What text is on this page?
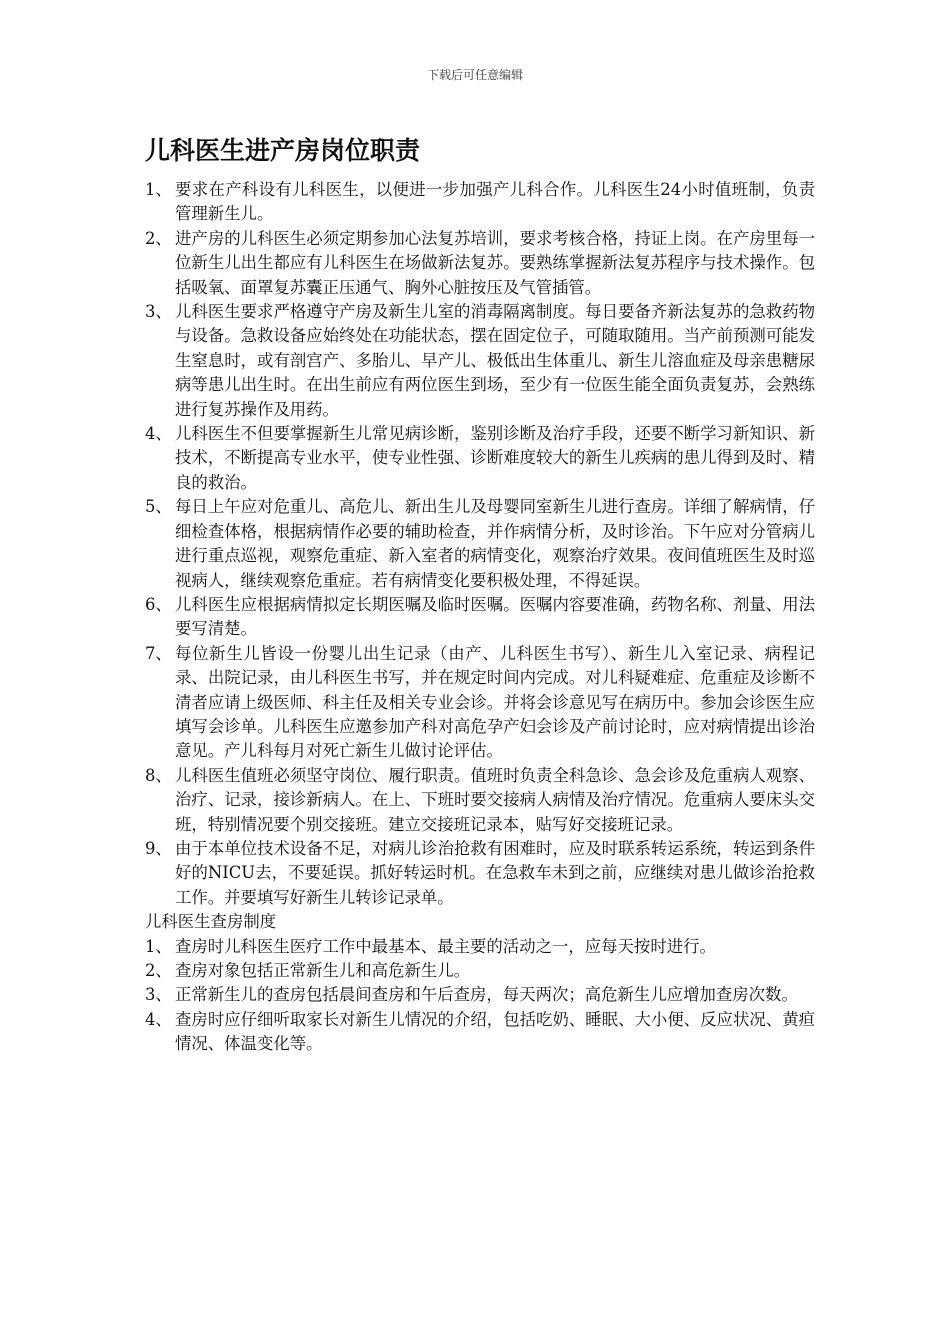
下载后可任意编辑
儿科医生进产房岗位职责
1、 要求在产科设有儿科医生，以便进一步加强产儿科合作。儿科医生24小时值班制，负责管理新生儿。
2、 进产房的儿科医生必须定期参加心法复苏培训，要求考核合格，持证上岗。在产房里每一位新生儿出生都应有儿科医生在场做新法复苏。要熟练掌握新法复苏程序与技术操作。包括吸氧、面罩复苏囊正压通气、胸外心脏按压及气管插管。
3、 儿科医生要求严格遵守产房及新生儿室的消毒隔离制度。每日要备齐新法复苏的急救药物与设备。急救设备应始终处在功能状态，摆在固定位子，可随取随用。当产前预测可能发生窒息时，或有剖宫产、多胎儿、早产儿、极低出生体重儿、新生儿溶血症及母亲患糖尿病等患儿出生时。在出生前应有两位医生到场，至少有一位医生能全面负责复苏，会熟练进行复苏操作及用药。
4、 儿科医生不但要掌握新生儿常见病诊断，鉴别诊断及治疗手段，还要不断学习新知识、新技术，不断提高专业水平，使专业性强、诊断难度较大的新生儿疾病的患儿得到及时、精良的救治。
5、 每日上午应对危重儿、高危儿、新出生儿及母婴同室新生儿进行查房。详细了解病情，仔细检查体格，根据病情作必要的辅助检查，并作病情分析，及时诊治。下午应对分管病儿进行重点巡视，观察危重症、新入室者的病情变化，观察治疗效果。夜间值班医生及时巡视病人，继续观察危重症。若有病情变化要积极处理，不得延误。
6、 儿科医生应根据病情拟定长期医嘱及临时医嘱。医嘱内容要准确，药物名称、剂量、用法要写清楚。
7、 每位新生儿皆设一份婴儿出生记录（由产、儿科医生书写）、新生儿入室记录、病程记录、出院记录，由儿科医生书写，并在规定时间内完成。对儿科疑难症、危重症及诊断不清者应请上级医师、科主任及相关专业会诊。并将会诊意见写在病历中。参加会诊医生应填写会诊单。儿科医生应邀参加产科对高危孕产妇会诊及产前讨论时，应对病情提出诊治意见。产儿科每月对死亡新生儿做讨论评估。
8、 儿科医生值班必须坚守岗位、履行职责。值班时负责全科急诊、急会诊及危重病人观察、治疗、记录，接诊新病人。在上、下班时要交接病人病情及治疗情况。危重病人要床头交班，特别情况要个别交接班。建立交接班记录本，贴写好交接班记录。
9、 由于本单位技术设备不足，对病儿诊治抢救有困难时，应及时联系转运系统，转运到条件好的NICU去，不要延误。抓好转运时机。在急救车未到之前，应继续对患儿做诊治抢救工作。并要填写好新生儿转诊记录单。

儿科医生查房制度

1、 查房时儿科医生医疗工作中最基本、最主要的活动之一，应每天按时进行。
2、 查房对象包括正常新生儿和高危新生儿。
3、 正常新生儿的查房包括晨间查房和午后查房，每天两次；高危新生儿应增加查房次数。
4、 查房时应仔细听取家长对新生儿情况的介绍，包括吃奶、睡眠、大小便、反应状况、黄疸情况、体温变化等。
